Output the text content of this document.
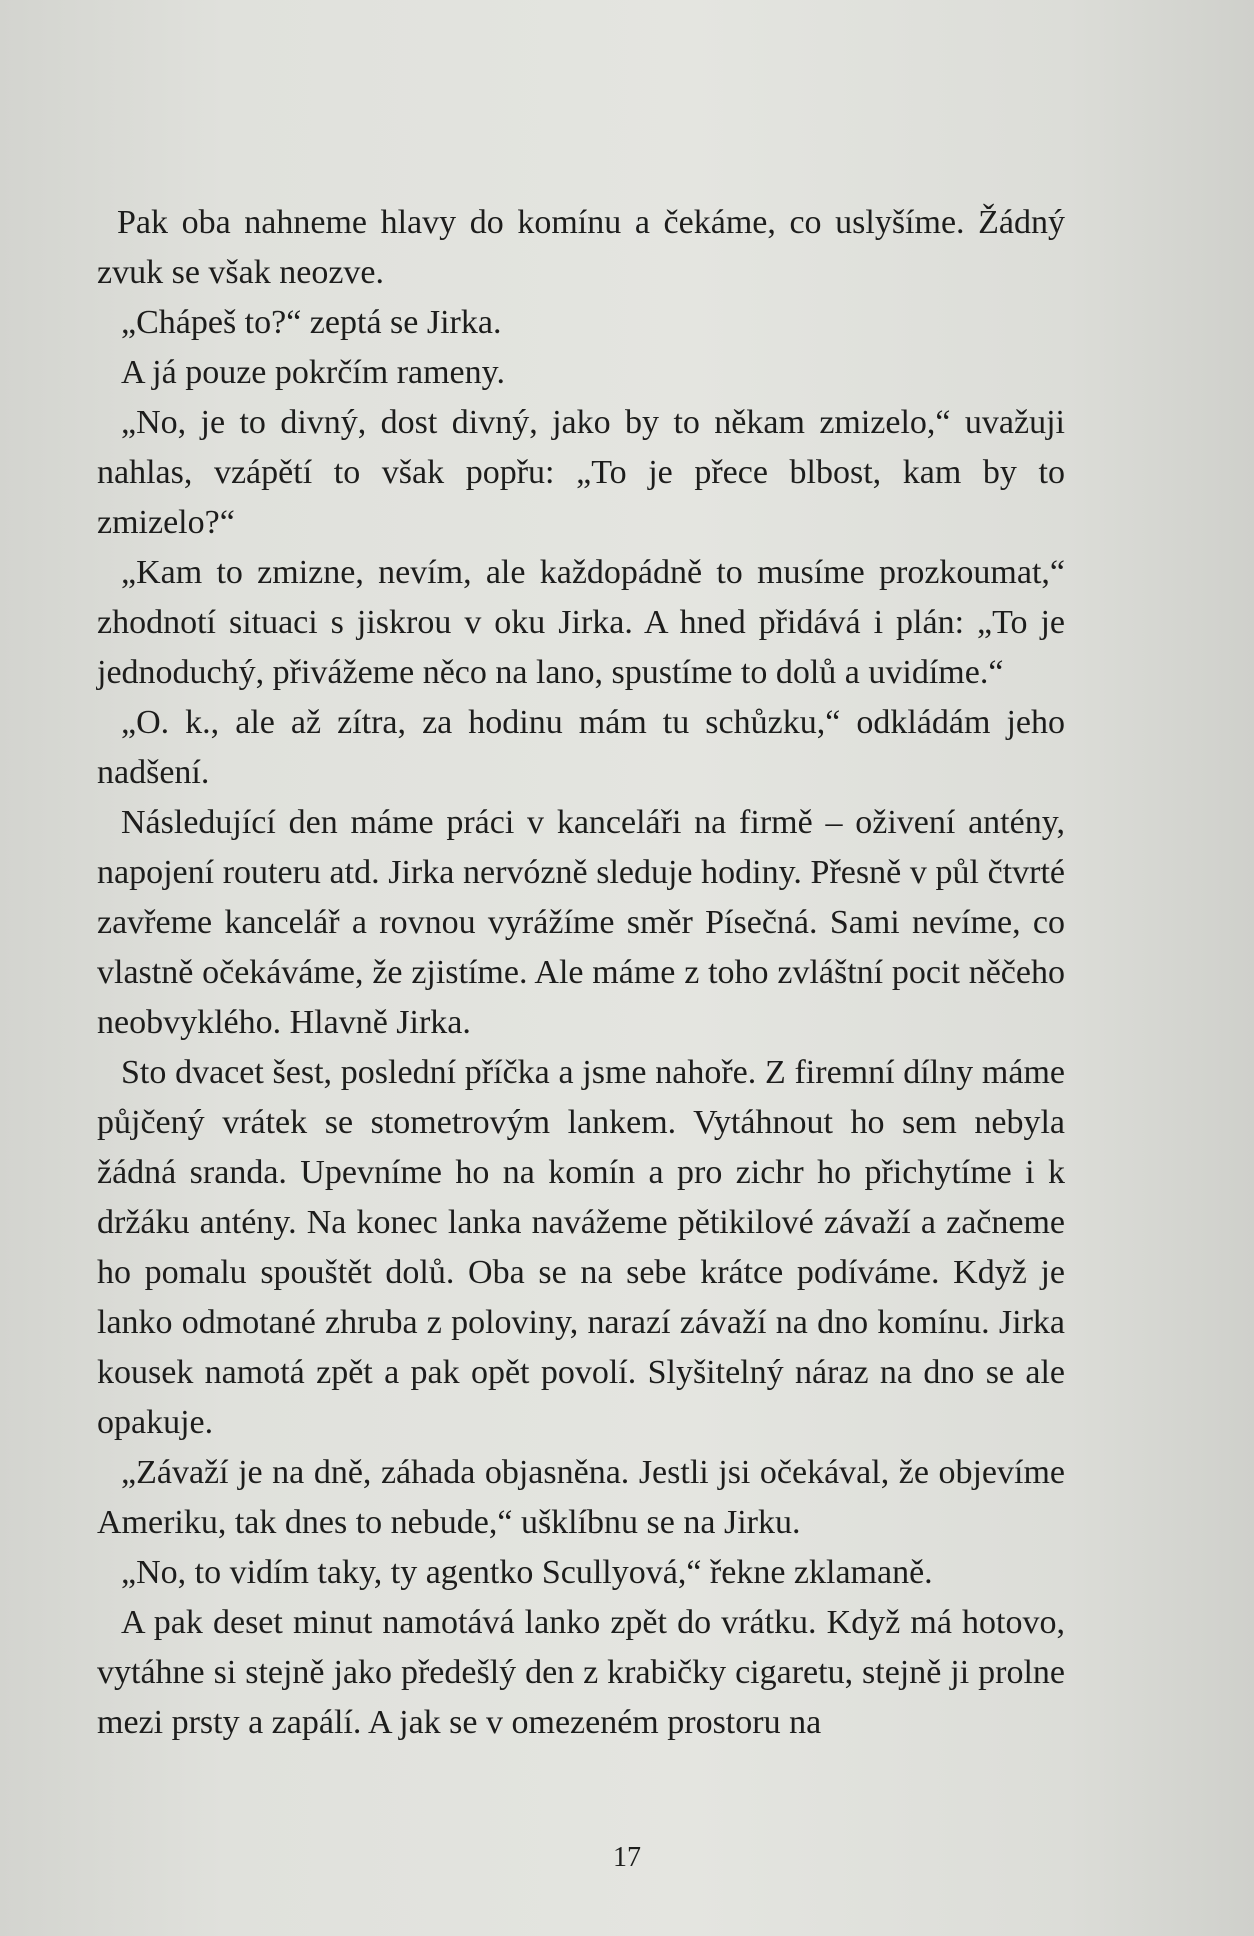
Pak oba nahneme hlavy do komínu a čekáme, co uslyšíme. Žádný zvuk se však neozve.

„Chápeš to?“ zeptá se Jirka.

A já pouze pokrčím rameny.

„No, je to divný, dost divný, jako by to někam zmizelo,“ uvažuji nahlas, vzápětí to však popřu: „To je přece blbost, kam by to zmizelo?“

„Kam to zmizne, nevím, ale každopádně to musíme prozkoumat,“ zhodnotí situaci s jiskrou v oku Jirka. A hned přidává i plán: „To je jednoduchý, přivážeme něco na lano, spustíme to dolů a uvidíme.“

„O. k., ale až zítra, za hodinu mám tu schůzku,“ odkládám jeho nadšení.

Následující den máme práci v kanceláři na firmě – oživení antény, napojení routeru atd. Jirka nervózně sleduje hodiny. Přesně v půl čtvrté zavřeme kancelář a rovnou vyrážíme směr Písečná. Sami nevíme, co vlastně očekáváme, že zjistíme. Ale máme z toho zvláštní pocit něčeho neobvyklého. Hlavně Jirka.

Sto dvacet šest, poslední příčka a jsme nahoře. Z firemní dílny máme půjčený vrátek se stometrovým lankem. Vytáhnout ho sem nebyla žádná sranda. Upevníme ho na komín a pro zichr ho přichytíme i k držáku antény. Na konec lanka navážeme pětikilové závaží a začneme ho pomalu spouštět dolů. Oba se na sebe krátce podíváme. Když je lanko odmotané zhruba z poloviny, narazí závaží na dno komínu. Jirka kousek namotá zpět a pak opět povolí. Slyšitelný náraz na dno se ale opakuje.

„Závaží je na dně, záhada objasněna. Jestli jsi očekával, že objevíme Ameriku, tak dnes to nebude,“ ušklíbnu se na Jirku.

„No, to vidím taky, ty agentko Scullyová,“ řekne zklamaně.

A pak deset minut namotává lanko zpět do vrátku. Když má hotovo, vytáhne si stejně jako předešlý den z krabičky cigaretu, stejně ji prolne mezi prsty a zapálí. A jak se v omezeném prostoru na

17
